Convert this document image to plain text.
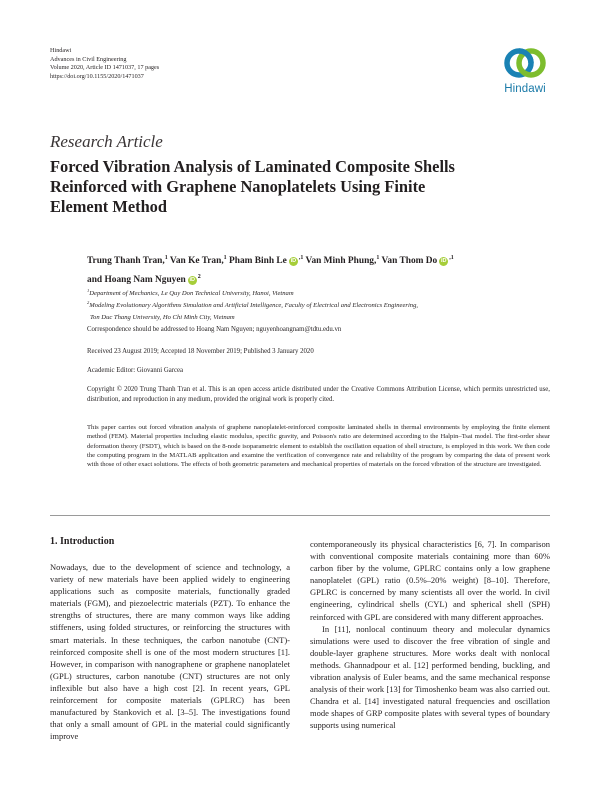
Hindawi
Advances in Civil Engineering
Volume 2020, Article ID 1471037, 17 pages
https://doi.org/10.1155/2020/1471037
Hindawi
Research Article
Forced Vibration Analysis of Laminated Composite Shells
Reinforced with Graphene Nanoplatelets Using Finite
Element Method
Trung Thanh Tran,$^1$ Van Ke Tran,$^1$ Pham Binh Le $iD^{,1}$ Van Minh Phung,$^1$ Van Thom Do $iD^{,1}$
and Hoang Nam Nguyen $iD^2$
$^1$Department of Mechanics, Le Quy Don Technical University, Hanoi, Vietnam
$^2$Modeling Evolutionary Algorithms Simulation and Artificial Intelligence, Faculty of Electrical and Electronics Engineering,
Ton Duc Thang University, Ho Chi Minh City, Vietnam
Correspondence should be addressed to Hoang Nam Nguyen; nguyenhoangnam@tdtu.edu.vn
Received 23 August 2019; Accepted 18 November 2019; Published 3 January 2020
Academic Editor: Giovanni Garcea
Copyright © 2020 Trung Thanh Tran et al. This is an open access article distributed under the Creative Commons Attribution License, which permits unrestricted use, distribution, and reproduction in any medium, provided the original work is properly cited.
This paper carries out forced vibration analysis of graphene nanoplatelet-reinforced composite laminated shells in thermal environments by employing the finite element method (FEM). Material properties including elastic modulus, specific gravity, and Poisson's ratio are determined according to the Halpin–Tsai model. The first-order shear deformation theory (FSDT), which is based on the 8-node isoparametric element to establish the oscillation equation of shell structure, is employed in this work. We then code the computing program in the MATLAB application and examine the verification of convergence rate and reliability of the program by comparing the data of present work with those of other exact solutions. The effects of both geometric parameters and mechanical properties of materials on the forced vibration of the structure are investigated.
1. Introduction

Nowadays, due to the development of science and technology, a variety of new materials have been applied widely to engineering applications such as composite materials, functionally graded materials (FGM), and piezoelectric materials (PZT). To enhance the strengths of structures, there are many common ways like adding stiffeners, using folded structures, or reinforcing the structures with smart materials. In these techniques, the carbon nanotube (CNT)-reinforced composite shell is one of the most modern structures [1]. However, in comparison with nanographene or graphene nanoplatelet (GPL) structures, carbon nanotube (CNT) structures are not only inflexible but also have a high cost [2]. In recent years, GPL reinforcement for composite materials (GPLRC) has been manufactured by Stankovich et al. [3–5]. The investigations found that only a small amount of GPL in the material could significantly improve

contemporaneously its physical characteristics [6, 7]. In comparison with conventional composite materials containing more than 60% carbon fiber by the volume, GPLRC contains only a low graphene nanoplatelet (GPL) ratio (0.5%–20% weight) [8–10]. Therefore, GPLRC is concerned by many scientists all over the world. In civil engineering, cylindrical shells (CYL) and spherical shell (SPH) reinforced with GPL are considered with many different approaches.

In [11], nonlocal continuum theory and molecular dynamics simulations were used to discover the free vibration of single and double-layer graphene structures. More works dealt with nonlocal methods. Ghannadpour et al. [12] performed bending, buckling, and vibration analysis of Euler beams, and the same mechanical response analysis of their work [13] for Timoshenko beam was also carried out. Chandra et al. [14] investigated natural frequencies and oscillation mode shapes of GRP composite plates with several types of boundary supports using numerical
